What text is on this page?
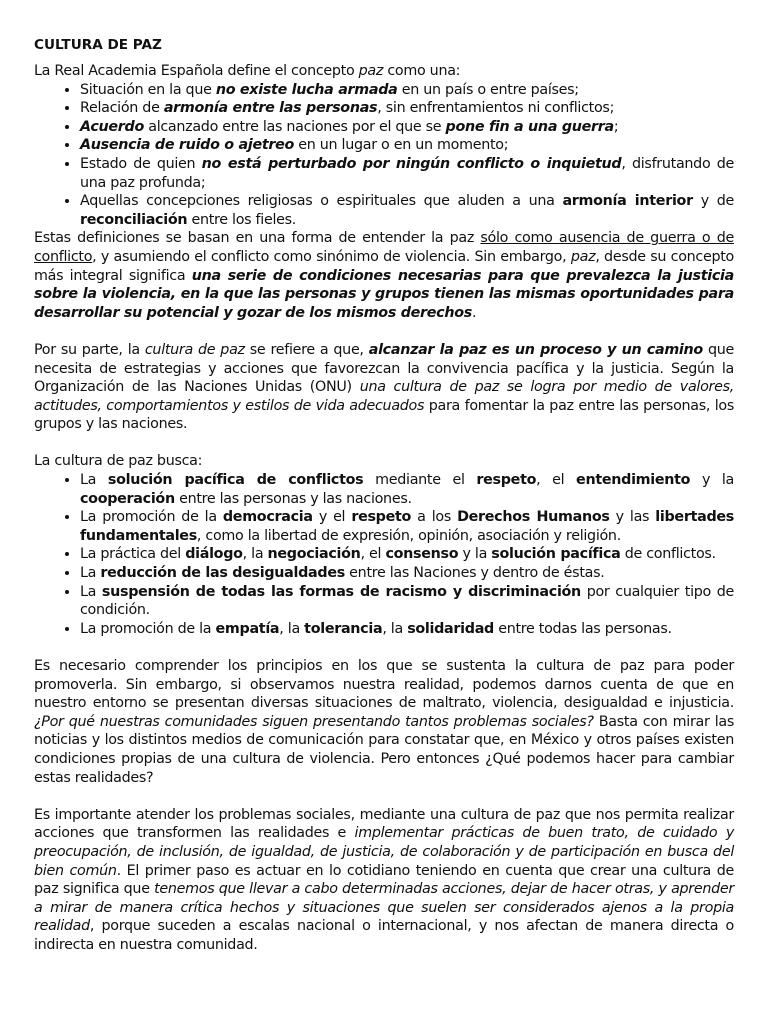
CULTURA DE PAZ

La Real Academia Española define el concepto paz como una:

• Situación en la que no existe lucha armada en un país o entre países;
• Relación de armonía entre las personas, sin enfrentamientos ni conflictos;
• Acuerdo alcanzado entre las naciones por el que se pone fin a una guerra;
• Ausencia de ruido o ajetreo en un lugar o en un momento;
• Estado de quien no está perturbado por ningún conflicto o inquietud, disfrutando de una paz profunda;
• Aquellas concepciones religiosas o espirituales que aluden a una armonía interior y de reconciliación entre los fieles.

Estas definiciones se basan en una forma de entender la paz sólo como ausencia de guerra o de conflicto, y asumiendo el conflicto como sinónimo de violencia. Sin embargo, paz, desde su concepto más integral significa una serie de condiciones necesarias para que prevalezca la justicia sobre la violencia, en la que las personas y grupos tienen las mismas oportunidades para desarrollar su potencial y gozar de los mismos derechos.

Por su parte, la cultura de paz se refiere a que, alcanzar la paz es un proceso y un camino que necesita de estrategias y acciones que favorezcan la convivencia pacífica y la justicia. Según la Organización de las Naciones Unidas (ONU) una cultura de paz se logra por medio de valores, actitudes, comportamientos y estilos de vida adecuados para fomentar la paz entre las personas, los grupos y las naciones.

La cultura de paz busca:

• La solución pacífica de conflictos mediante el respeto, el entendimiento y la cooperación entre las personas y las naciones.
• La promoción de la democracia y el respeto a los Derechos Humanos y las libertades fundamentales, como la libertad de expresión, opinión, asociación y religión.
• La práctica del diálogo, la negociación, el consenso y la solución pacífica de conflictos.
• La reducción de las desigualdades entre las Naciones y dentro de éstas.
• La suspensión de todas las formas de racismo y discriminación por cualquier tipo de condición.
• La promoción de la empatía, la tolerancia, la solidaridad entre todas las personas.

Es necesario comprender los principios en los que se sustenta la cultura de paz para poder promoverla. Sin embargo, si observamos nuestra realidad, podemos darnos cuenta de que en nuestro entorno se presentan diversas situaciones de maltrato, violencia, desigualdad e injusticia. ¿Por qué nuestras comunidades siguen presentando tantos problemas sociales? Basta con mirar las noticias y los distintos medios de comunicación para constatar que, en México y otros países existen condiciones propias de una cultura de violencia. Pero entonces ¿Qué podemos hacer para cambiar estas realidades?

Es importante atender los problemas sociales, mediante una cultura de paz que nos permita realizar acciones que transformen las realidades e implementar prácticas de buen trato, de cuidado y preocupación, de inclusión, de igualdad, de justicia, de colaboración y de participación en busca del bien común. El primer paso es actuar en lo cotidiano teniendo en cuenta que crear una cultura de paz significa que tenemos que llevar a cabo determinadas acciones, dejar de hacer otras, y aprender a mirar de manera crítica hechos y situaciones que suelen ser considerados ajenos a la propia realidad, porque suceden a escalas nacional o internacional, y nos afectan de manera directa o indirecta en nuestra comunidad.
